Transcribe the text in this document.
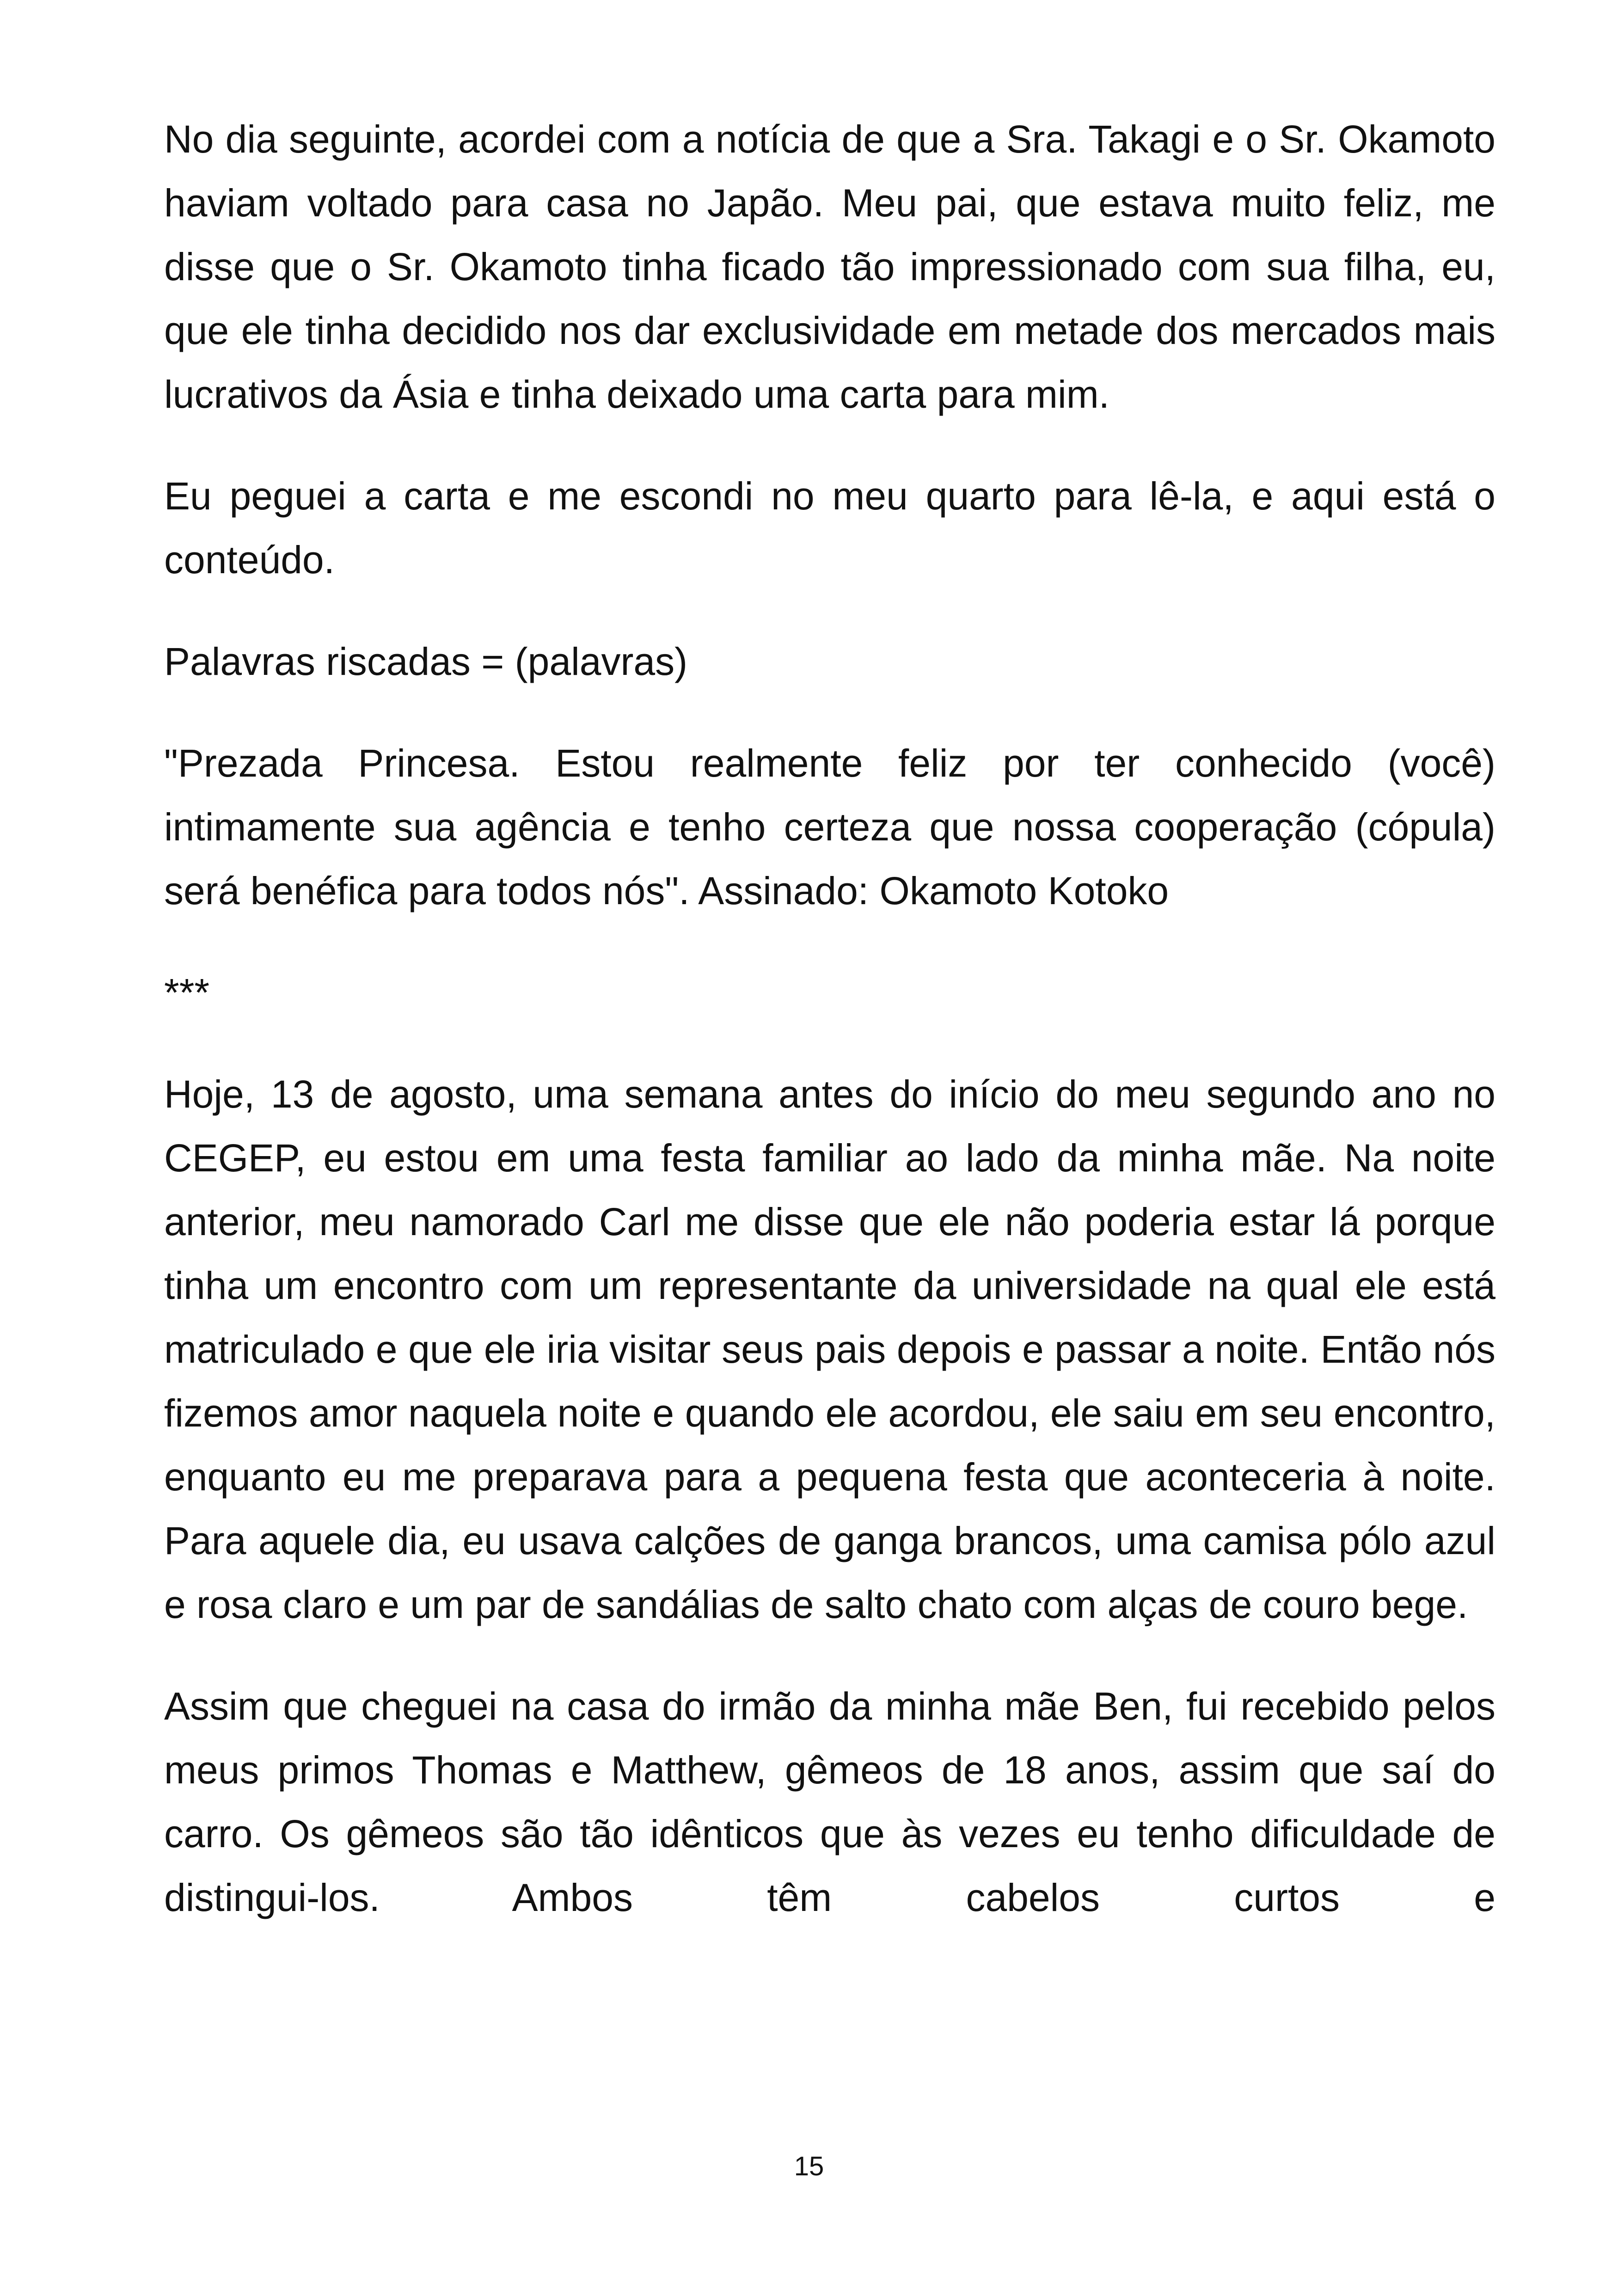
No dia seguinte, acordei com a notícia de que a Sra. Takagi e o Sr. Okamoto haviam voltado para casa no Japão. Meu pai, que estava muito feliz, me disse que o Sr. Okamoto tinha ficado tão impressionado com sua filha, eu, que ele tinha decidido nos dar exclusividade em metade dos mercados mais lucrativos da Ásia e tinha deixado uma carta para mim.

Eu peguei a carta e me escondi no meu quarto para lê-la, e aqui está o conteúdo.

Palavras riscadas = (palavras)

"Prezada Princesa. Estou realmente feliz por ter conhecido (você) intimamente sua agência e tenho certeza que nossa cooperação (cópula) será benéfica para todos nós". Assinado: Okamoto Kotoko

***

Hoje, 13 de agosto, uma semana antes do início do meu segundo ano no CEGEP, eu estou em uma festa familiar ao lado da minha mãe. Na noite anterior, meu namorado Carl me disse que ele não poderia estar lá porque tinha um encontro com um representante da universidade na qual ele está matriculado e que ele iria visitar seus pais depois e passar a noite. Então nós fizemos amor naquela noite e quando ele acordou, ele saiu em seu encontro, enquanto eu me preparava para a pequena festa que aconteceria à noite. Para aquele dia, eu usava calções de ganga brancos, uma camisa pólo azul e rosa claro e um par de sandálias de salto chato com alças de couro bege.

Assim que cheguei na casa do irmão da minha mãe Ben, fui recebido pelos meus primos Thomas e Matthew, gêmeos de 18 anos, assim que saí do carro. Os gêmeos são tão idênticos que às vezes eu tenho dificuldade de distingui-los. Ambos têm cabelos curtos e

15
